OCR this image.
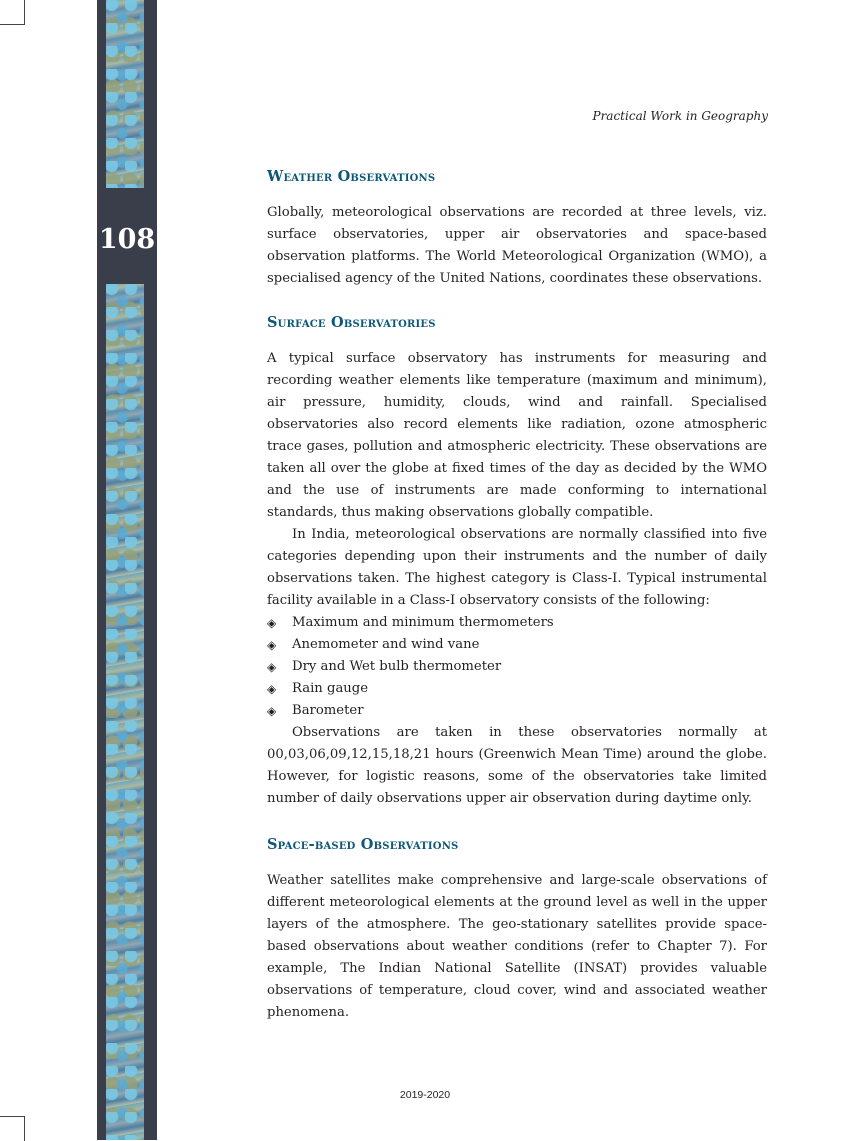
108
Practical Work in Geography
Weather Observations

Globally, meteorological observations are recorded at three levels, viz. surface observatories, upper air observatories and space-based observation platforms. The World Meteorological Organization (WMO), a specialised agency of the United Nations, coordinates these observations.

Surface Observatories

A typical surface observatory has instruments for measuring and recording weather elements like temperature (maximum and minimum), air pressure, humidity, clouds, wind and rainfall. Specialised observatories also record elements like radiation, ozone atmospheric trace gases, pollution and atmospheric electricity. These observations are taken all over the globe at fixed times of the day as decided by the WMO and the use of instruments are made conforming to international standards, thus making observations globally compatible.

In India, meteorological observations are normally classified into five categories depending upon their instruments and the number of daily observations taken. The highest category is Class-I. Typical instrumental facility available in a Class-I observatory consists of the following:

◈ Maximum and minimum thermometers
◈ Anemometer and wind vane
◈ Dry and Wet bulb thermometer
◈ Rain gauge
◈ Barometer

Observations are taken in these observatories normally at 00,03,06,09,12,15,18,21 hours (Greenwich Mean Time) around the globe. However, for logistic reasons, some of the observatories take limited number of daily observations upper air observation during daytime only.

Space-based Observations

Weather satellites make comprehensive and large-scale observations of different meteorological elements at the ground level as well in the upper layers of the atmosphere. The geo-stationary satellites provide space-based observations about weather conditions (refer to Chapter 7). For example, The Indian National Satellite (INSAT) provides valuable observations of temperature, cloud cover, wind and associated weather phenomena.

2019-2020
